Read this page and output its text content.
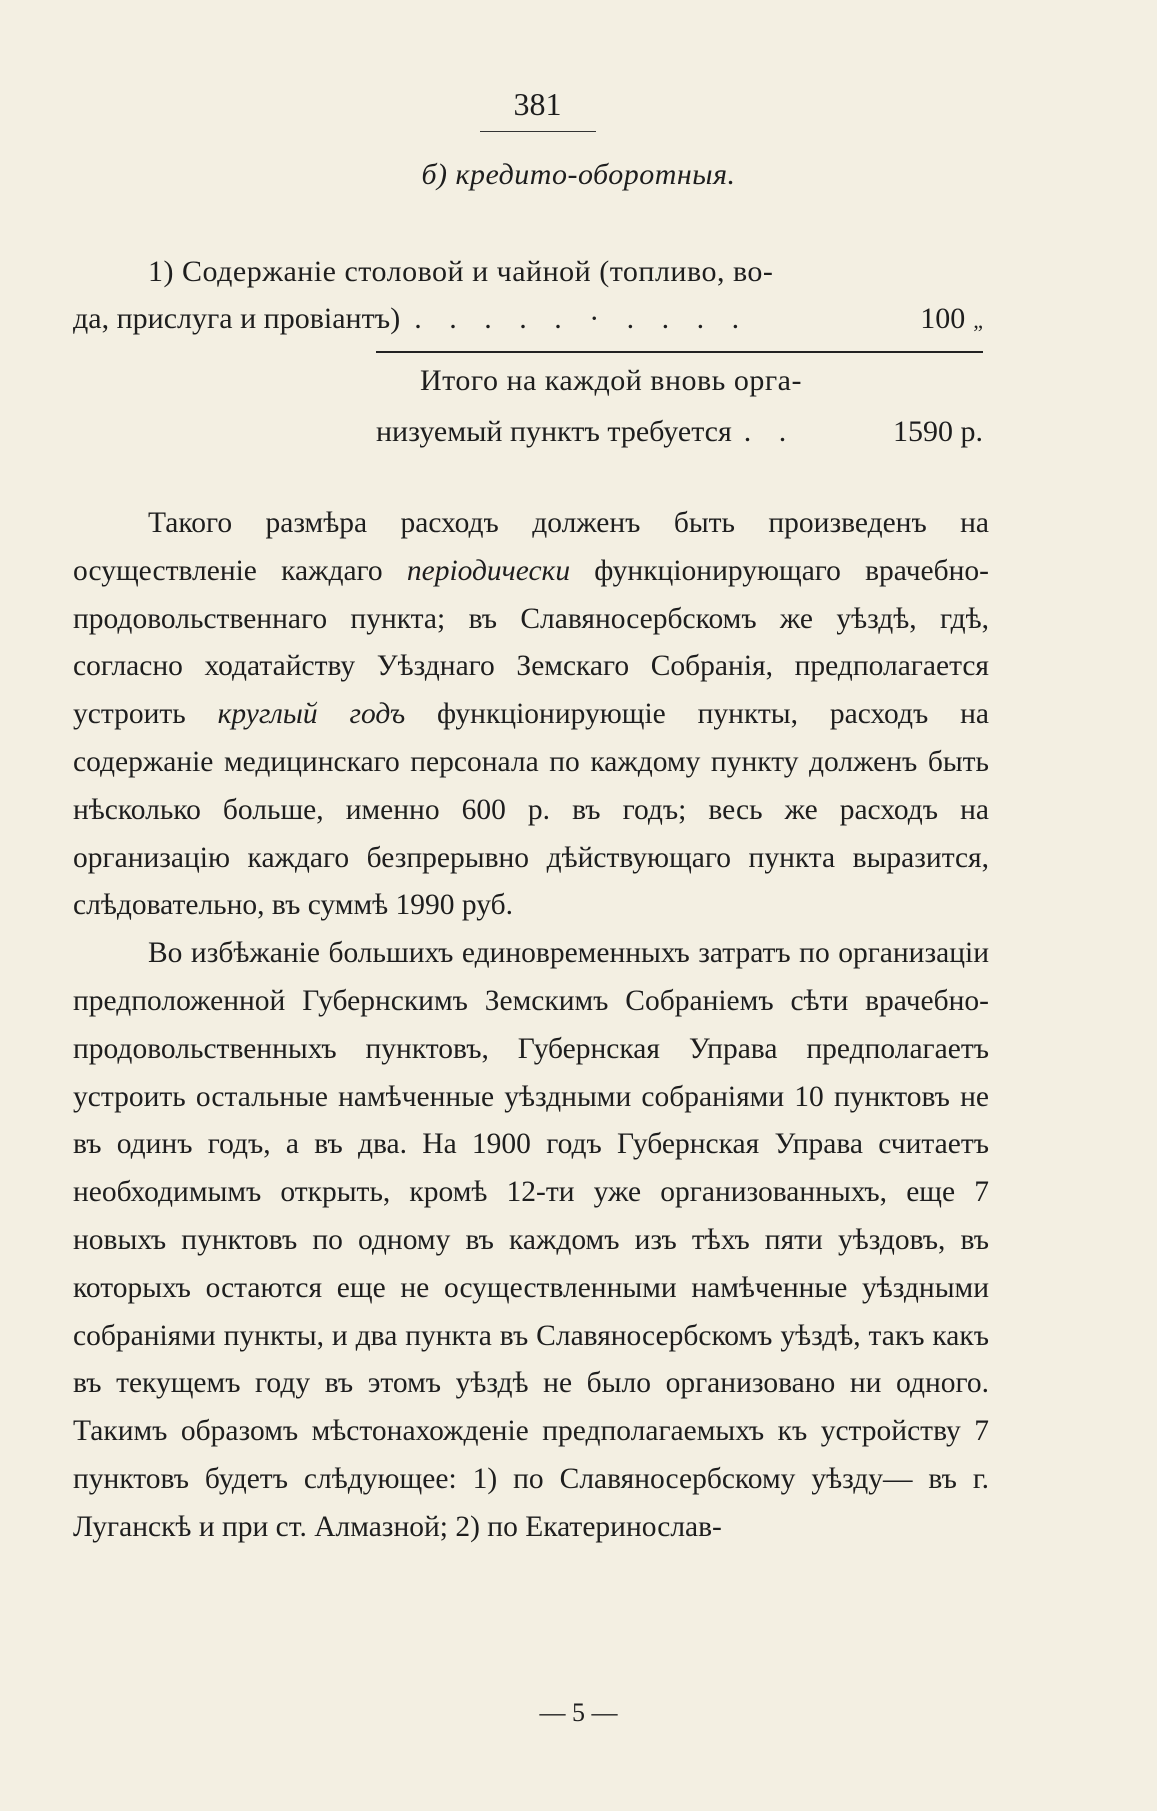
381
б) кредито-оборотныя.
1) Содержаніе столовой и чайной (топливо, во-
да, прислуга и провіантъ) . . . . . · . . . .	100 „
Итого на каждой вновь орга-
низуемый пунктъ требуется . .	1590 р.

Такого размѣра расходъ долженъ быть произведенъ на осуществленіе каждаго періодически функціонирующаго врачебно-продовольственнаго пункта; въ Славяносербскомъ же уѣздѣ, гдѣ, согласно ходатайству Уѣзднаго Земскаго Собранія, предполагается устроить круглый годъ функціонирующіе пункты, расходъ на содержаніе медицинскаго персонала по каждому пункту долженъ быть нѣсколько больше, именно 600 р. въ годъ; весь же расходъ на организацію каждаго безпрерывно дѣйствующаго пункта выразится, слѣдовательно, въ суммѣ 1990 руб.

Во избѣжаніе большихъ единовременныхъ затратъ по организаціи предположенной Губернскимъ Земскимъ Собраніемъ сѣти врачебно-продовольственныхъ пунктовъ, Губернская Управа предполагаетъ устроить остальные намѣченные уѣздными собраніями 10 пунктовъ не въ одинъ годъ, а въ два. На 1900 годъ Губернская Управа считаетъ необходимымъ открыть, кромѣ 12-ти уже организованныхъ, еще 7 новыхъ пунктовъ по одному въ каждомъ изъ тѣхъ пяти уѣздовъ, въ которыхъ остаются еще не осуществленными намѣченные уѣздными собраніями пункты, и два пункта въ Славяносербскомъ уѣздѣ, такъ какъ въ текущемъ году въ этомъ уѣздѣ не было организовано ни одного. Такимъ образомъ мѣстонахожденіе предполагаемыхъ къ устройству 7 пунктовъ будетъ слѣдующее: 1) по Славяносербскому уѣзду— въ г. Луганскѣ и при ст. Алмазной; 2) по Екатеринослав-

— 5 —
